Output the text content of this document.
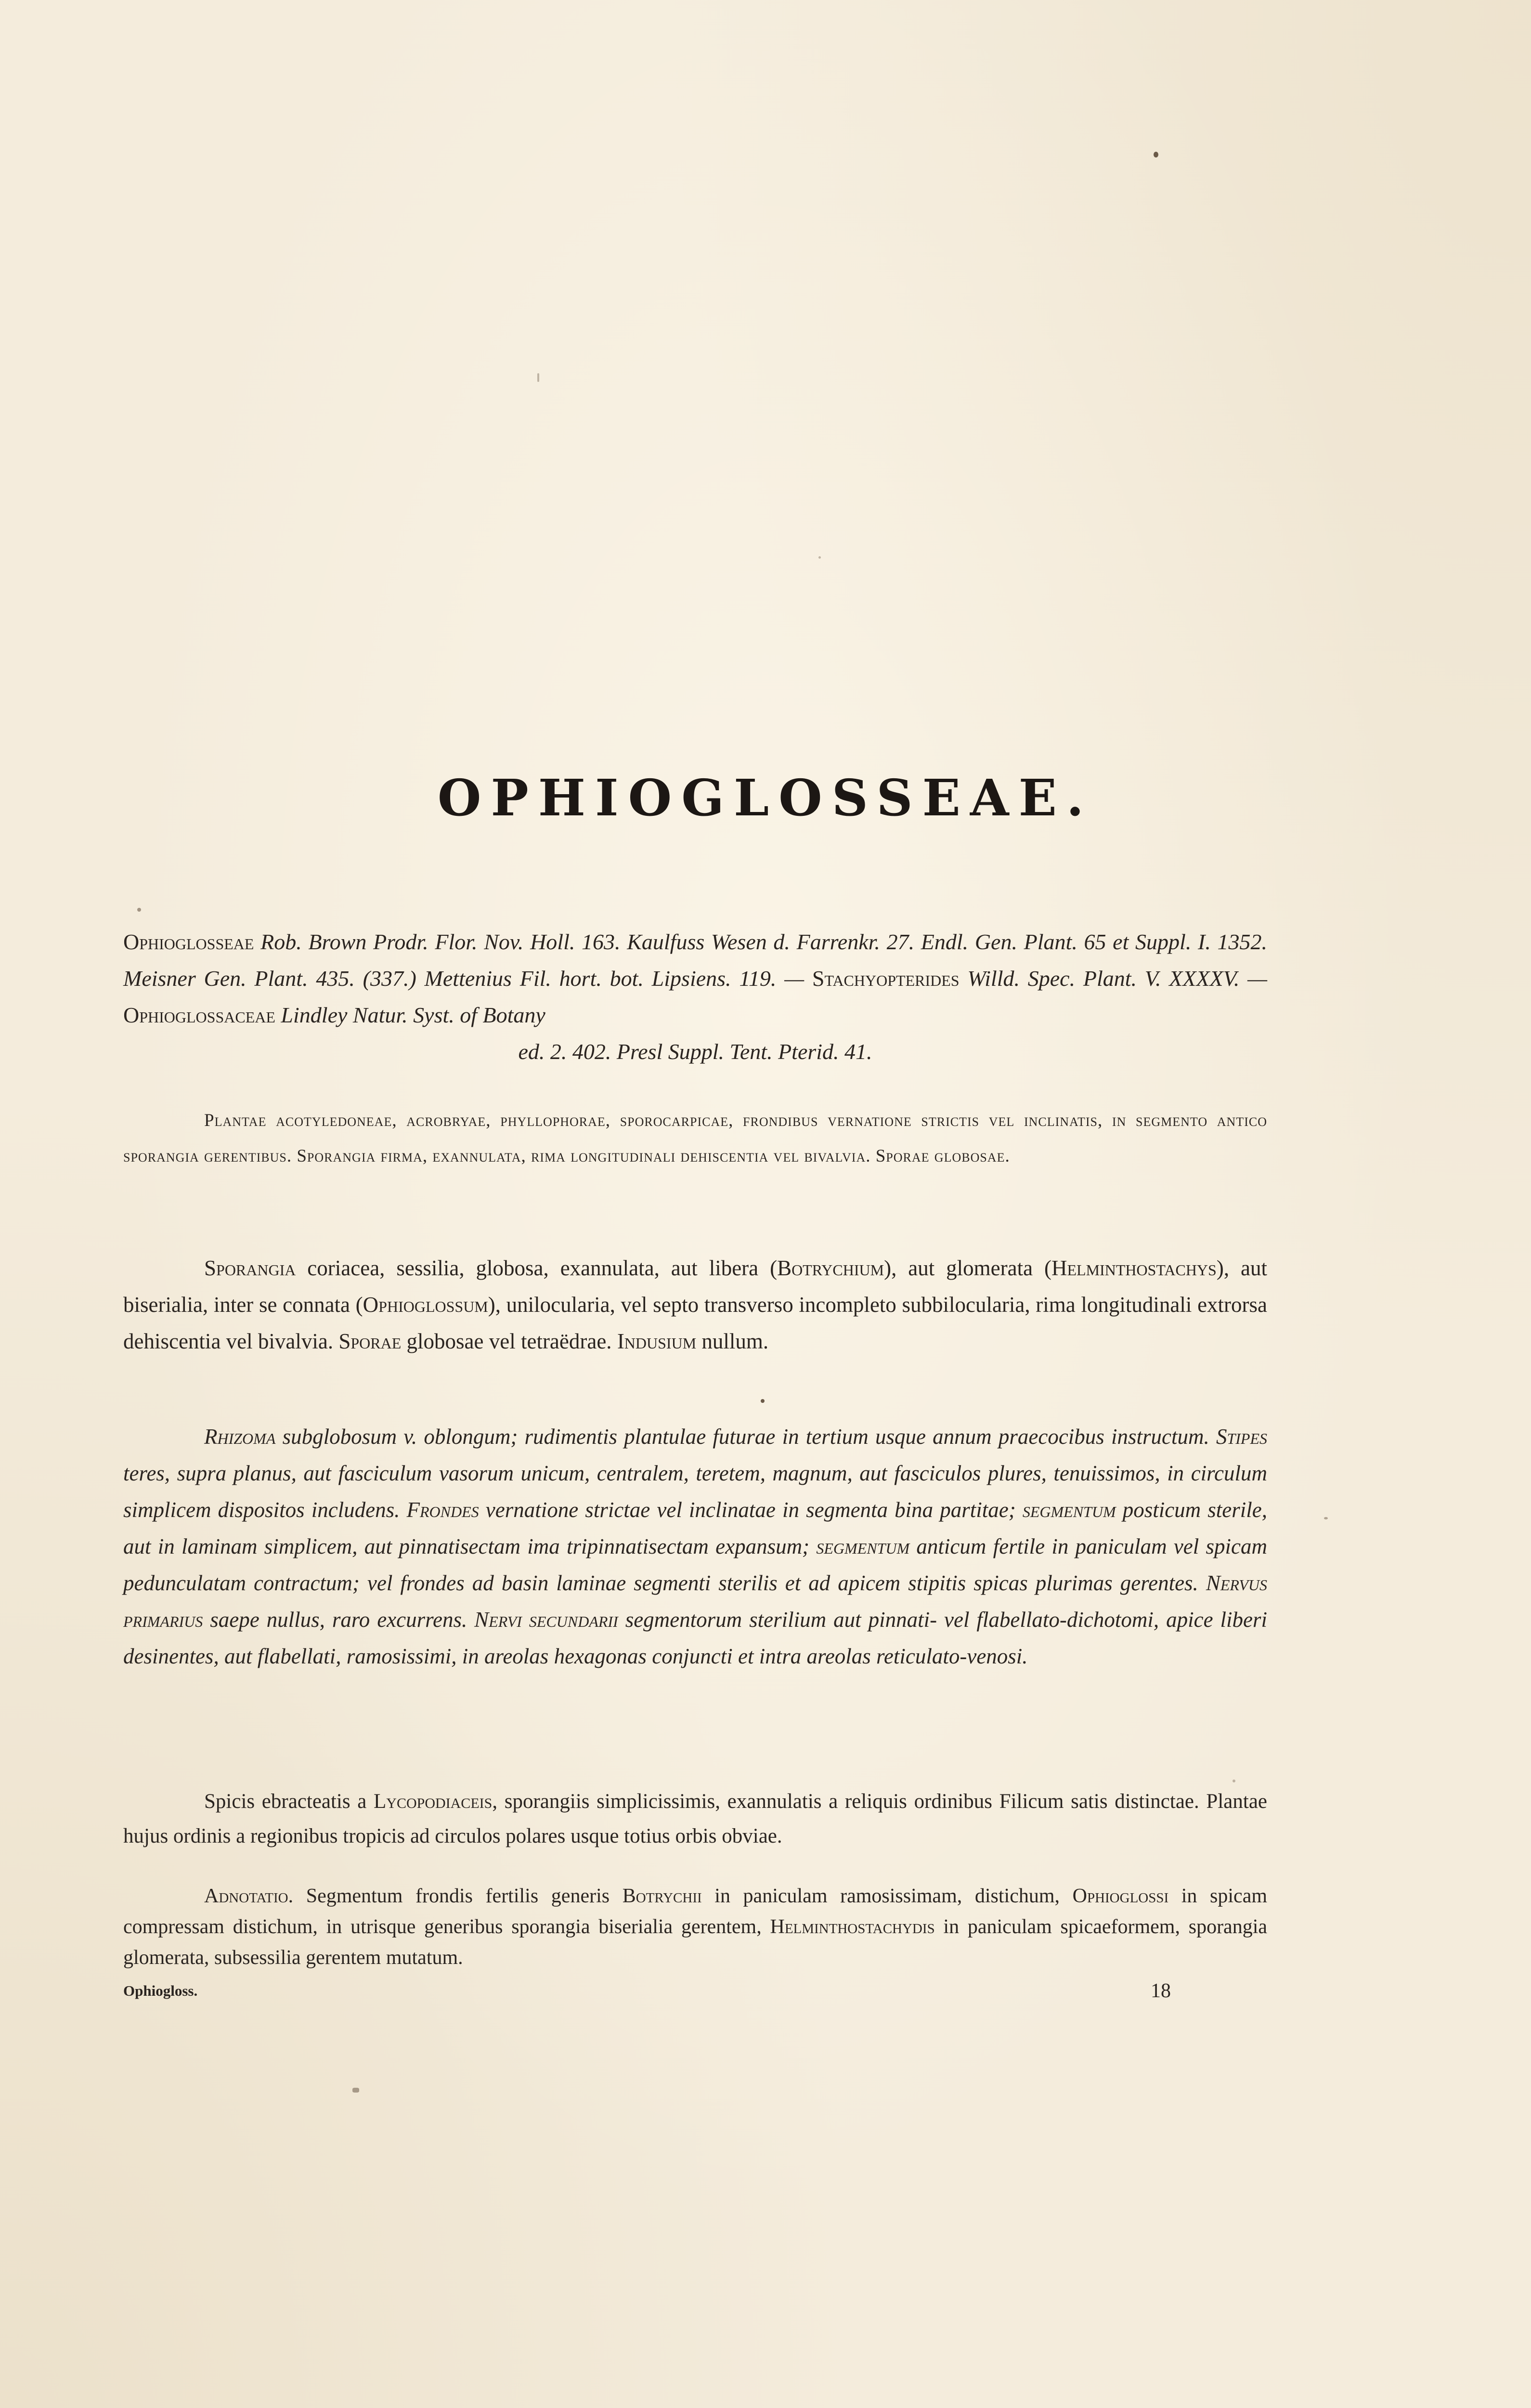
OPHIOGLOSSEAE.

Ophioglosseae Rob. Brown Prodr. Flor. Nov. Holl. 163. Kaulfuss Wesen d. Farrenkr. 27. Endl. Gen. Plant. 65 et Suppl. I. 1352. Meisner Gen. Plant. 435. (337.) Mettenius Fil. hort. bot. Lipsiens. 119. — Stachyopterides Willd. Spec. Plant. V. XXXXV. — Ophioglossaceae Lindley Natur. Syst. of Botany
ed. 2. 402. Presl Suppl. Tent. Pterid. 41.

Plantae acotyledoneae, acrobryae, phyllophorae, sporocarpicae, frondibus vernatione strictis vel inclinatis, in segmento antico sporangia gerentibus. Sporangia firma, exannulata, rima longitudinali dehiscentia vel bivalvia. Sporae globosae.

Sporangia coriacea, sessilia, globosa, exannulata, aut libera (Botrychium), aut glomerata (Helminthostachys), aut biserialia, inter se connata (Ophioglossum), unilocularia, vel septo transverso incompleto subbilocularia, rima longitudinali extrorsa dehiscentia vel bivalvia. Sporae globosae vel tetraëdrae. Indusium nullum.

Rhizoma subglobosum v. oblongum; rudimentis plantulae futurae in tertium usque annum praecocibus instructum. Stipes teres, supra planus, aut fasciculum vasorum unicum, centralem, teretem, magnum, aut fasciculos plures, tenuissimos, in circulum simplicem dispositos includens. Frondes vernatione strictae vel inclinatae in segmenta bina partitae; segmentum posticum sterile, aut in laminam simplicem, aut pinnatisectam ima tripinnatisectam expansum; segmentum anticum fertile in paniculam vel spicam pedunculatam contractum; vel frondes ad basin laminae segmenti sterilis et ad apicem stipitis spicas plurimas gerentes. Nervus primarius saepe nullus, raro excurrens. Nervi secundarii segmentorum sterilium aut pinnati- vel flabellato-dichotomi, apice liberi desinentes, aut flabellati, ramosissimi, in areolas hexagonas conjuncti et intra areolas reticulato-venosi.

Spicis ebracteatis a Lycopodiaceis, sporangiis simplicissimis, exannulatis a reliquis ordinibus Filicum satis distinctae. Plantae hujus ordinis a regionibus tropicis ad circulos polares usque totius orbis obviae.

Adnotatio. Segmentum frondis fertilis generis Botrychii in paniculam ramosissimam, distichum, Ophioglossi in spicam compressam distichum, in utrisque generibus sporangia biserialia gerentem, Helminthostachydis in paniculam spicaeformem, sporangia glomerata, subsessilia gerentem mutatum.

Ophiogloss.	18
